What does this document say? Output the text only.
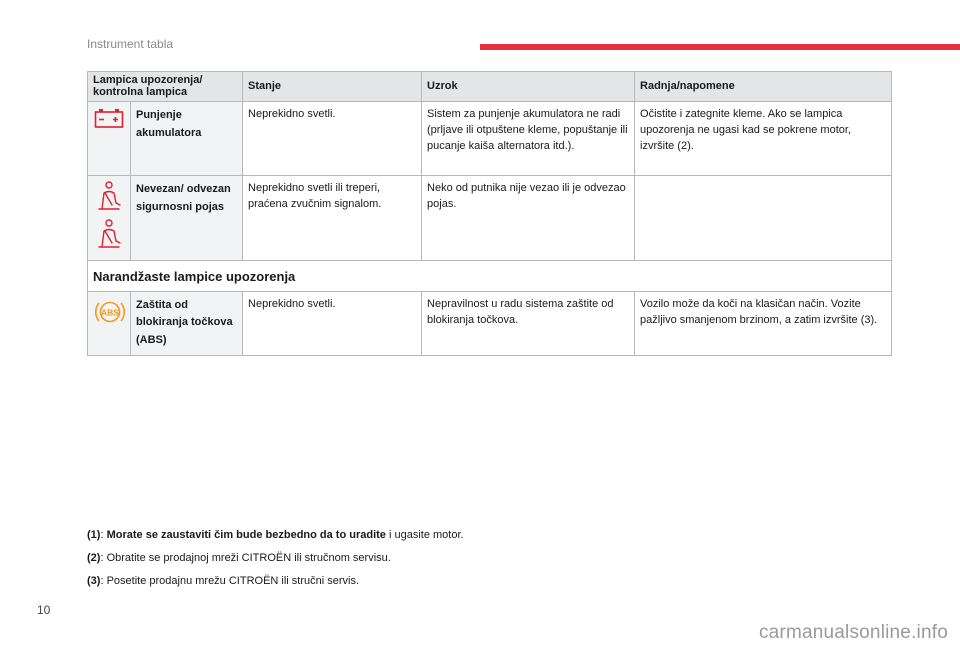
Instrument tabla
Lampica upozorenja/ kontrolna lampica		Stanje	Uzrok	Radnja/napomene
	Punjenje akumulatora	Neprekidno svetli.	Sistem za punjenje akumulatora ne radi (prljave ili otpuštene kleme, popuštanje ili pucanje kaiša alternatora itd.).	Očistite i zategnite kleme. Ako se lampica upozorenja ne ugasi kad se pokrene motor, izvršite (2).
	Nevezan/ odvezan sigurnosni pojas	Neprekidno svetli ili treperi, praćena zvučnim signalom.	Neko od putnika nije vezao ili je odvezao pojas.	
Narandžaste lampice upozorenja				

ABS	Zaštita od blokiranja točkova (ABS)	Neprekidno svetli.	Nepravilnost u radu sistema zaštite od blokiranja točkova.	Vozilo može da koči na klasičan način. Vozite pažljivo smanjenom brzinom, a zatim izvršite (3).

(1): Morate se zaustaviti čim bude bezbedno da to uradite i ugasite motor.

(2): Obratite se prodajnoj mreži CITROËN ili stručnom servisu.

(3): Posetite prodajnu mrežu CITROËN ili stručni servis.

10
carmanualsonline.info
